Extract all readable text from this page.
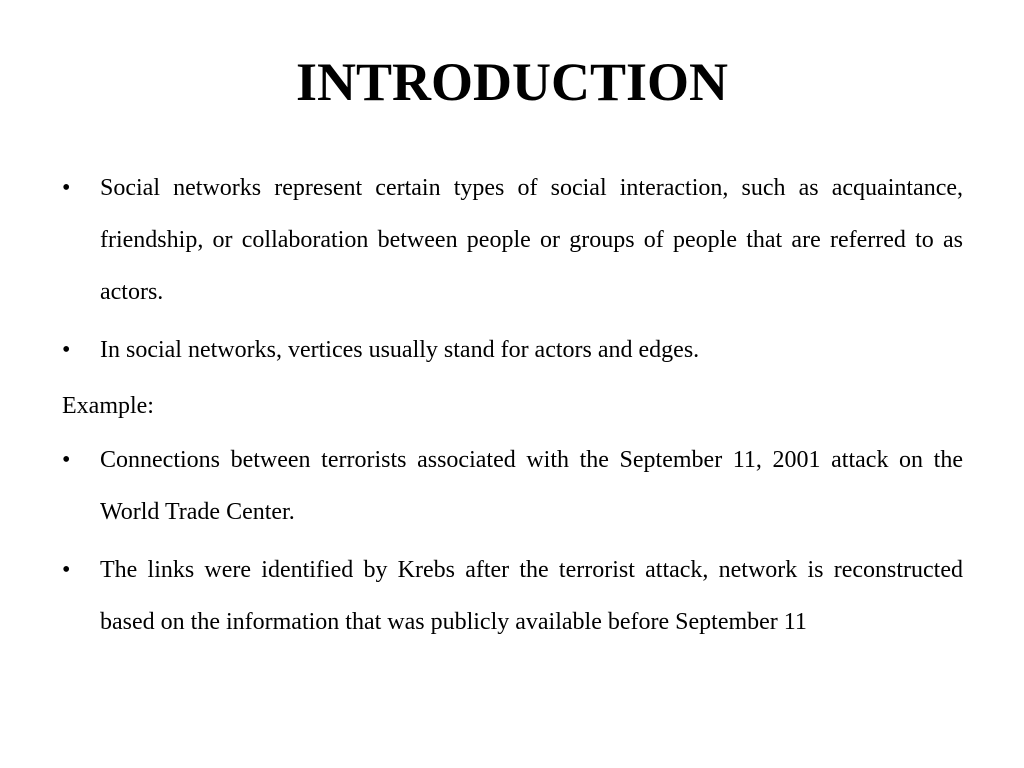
INTRODUCTION

•	Social networks represent certain types of social interaction, such as acquaintance, friendship, or collaboration between people or groups of people that are referred to as actors.

•	In social networks, vertices usually stand for actors and edges.

Example:

•	Connections between terrorists associated with the September 11, 2001 attack on the World Trade Center.

•	The links were identified by Krebs after the terrorist attack, network is reconstructed based on the information that was publicly available before September 11
